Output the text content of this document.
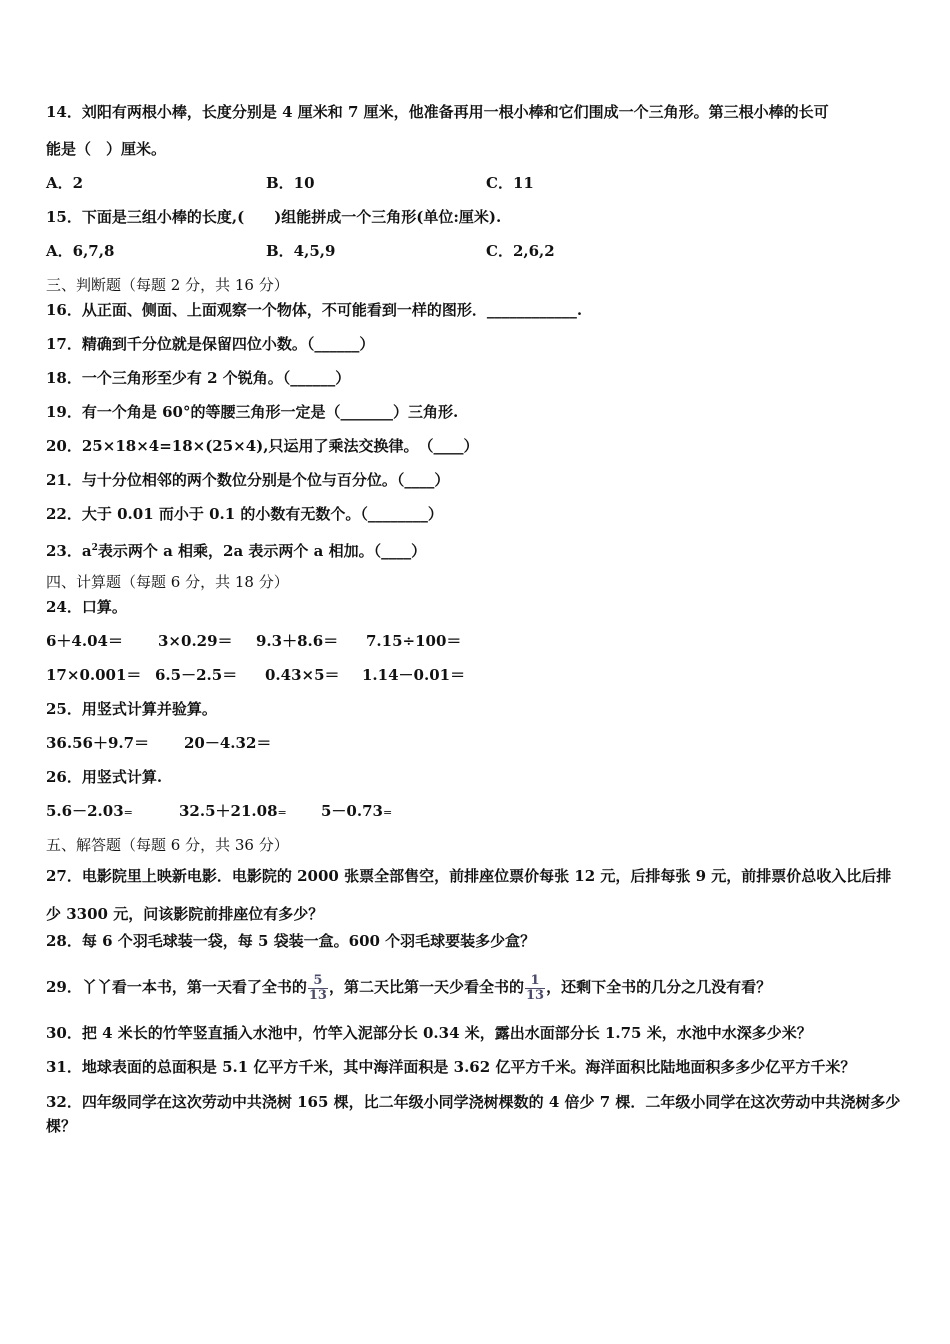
14．刘阳有两根小棒，长度分别是 4 厘米和 7 厘米，他准备再用一根小棒和它们围成一个三角形。第三根小棒的长可
能是（　）厘米。
A．2	B．10	C．11
15．下面是三组小棒的长度,(　　)组能拼成一个三角形(单位:厘米).
A．6,7,8	B．4,5,9	C．2,6,2
三、判断题（每题 2 分，共 16 分）
16．从正面、侧面、上面观察一个物体，不可能看到一样的图形．____________.
17．精确到千分位就是保留四位小数。（______）
18．一个三角形至少有 2 个锐角。（______）
19．有一个角是 60°的等腰三角形一定是（_______）三角形.
20．25×18×4=18×(25×4),只运用了乘法交换律。　（____）
21．与十分位相邻的两个数位分别是个位与百分位。（____）
22．大于 0.01 而小于 0.1 的小数有无数个。（________）
23．$a^2$表示两个 a 相乘，2a 表示两个 a 相加。（____）
四、计算题（每题 6 分，共 18 分）
24．口算。
6＋4.04＝ 3×0.29＝ 9.3＋8.6＝ 7.15÷100＝
17×0.001＝ 6.5－2.5＝ 0.43×5＝ 1.14－0.01＝
25．用竖式计算并验算。
36.56＋9.7＝ 20－4.32＝
26．用竖式计算.
5.6－2.03=	32.5＋21.08= 5－0.73=
五、解答题（每题 6 分，共 36 分）
27．电影院里上映新电影．电影院的 2000 张票全部售空，前排座位票价每张 12 元，后排每张 9 元，前排票价总收入比后排少 3300 元，问该影院前排座位有多少？
28．每 6 个羽毛球装一袋，每 5 袋装一盒。600 个羽毛球要装多少盒？
29．丫丫看一本书，第一天看了全书的 $\frac{5}{13}$ ，第二天比第一天少看全书的 $\frac{1}{13}$ ，还剩下全书的几分之几没有看？
30．把 4 米长的竹竿竖直插入水池中，竹竿入泥部分长 0.34 米，露出水面部分长 1.75 米，水池中水深多少米？
31．地球表面的总面积是 5.1 亿平方千米，其中海洋面积是 3.62 亿平方千米。海洋面积比陆地面积多多少亿平方千米？
32．四年级同学在这次劳动中共浇树 165 棵，比二年级小同学浇树棵数的 4 倍少 7 棵．二年级小同学在这次劳动中共浇树多少棵？
